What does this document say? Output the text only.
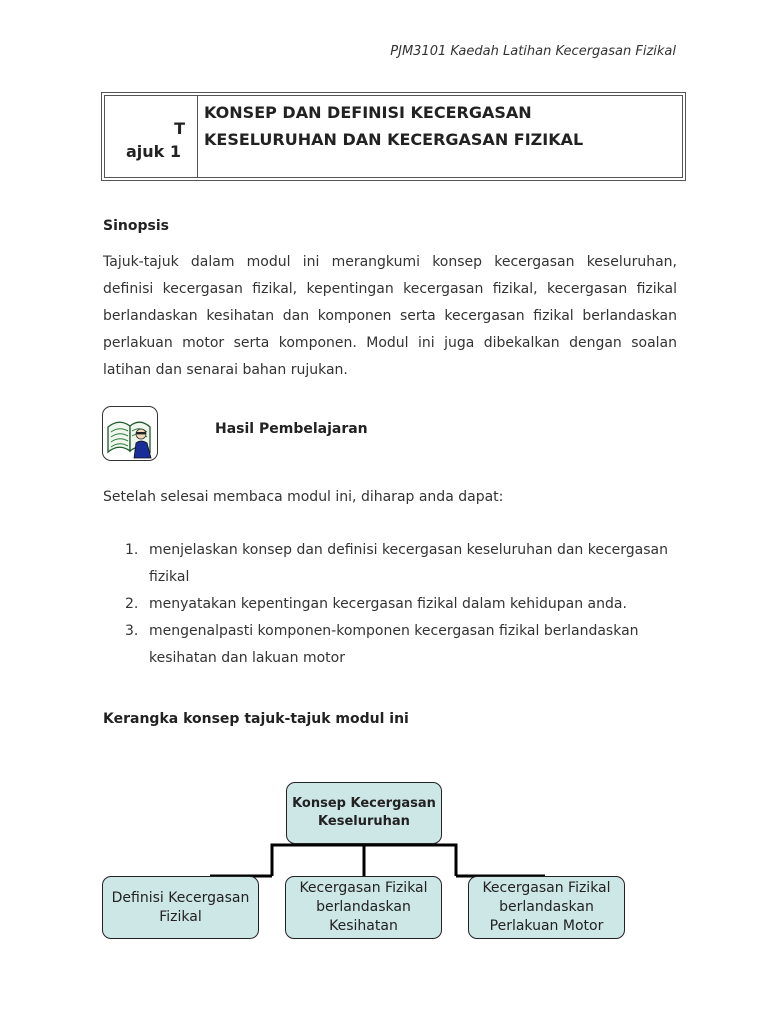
PJM3101 Kaedah Latihan Kecergasan Fizikal
T
ajuk 1
KONSEP DAN DEFINISI KECERGASAN
KESELURUHAN DAN KECERGASAN FIZIKAL
Sinopsis
Tajuk-tajuk dalam modul ini merangkumi konsep kecergasan keseluruhan, definisi kecergasan fizikal, kepentingan kecergasan fizikal, kecergasan fizikal berlandaskan kesihatan dan komponen serta kecergasan fizikal berlandaskan perlakuan motor serta komponen. Modul ini juga dibekalkan dengan soalan latihan dan senarai bahan rujukan.
Hasil Pembelajaran
Setelah selesai membaca modul ini, diharap anda dapat:
1. menjelaskan konsep dan definisi kecergasan keseluruhan dan kecergasan fizikal
2. menyatakan kepentingan kecergasan fizikal dalam kehidupan anda.
3. mengenalpasti komponen-komponen kecergasan fizikal berlandaskan kesihatan dan lakuan motor
Kerangka konsep tajuk-tajuk modul ini
Konsep Kecergasan Keseluruhan
Definisi Kecergasan Fizikal
Kecergasan Fizikal berlandaskan Kesihatan
Kecergasan Fizikal berlandaskan Perlakuan Motor
